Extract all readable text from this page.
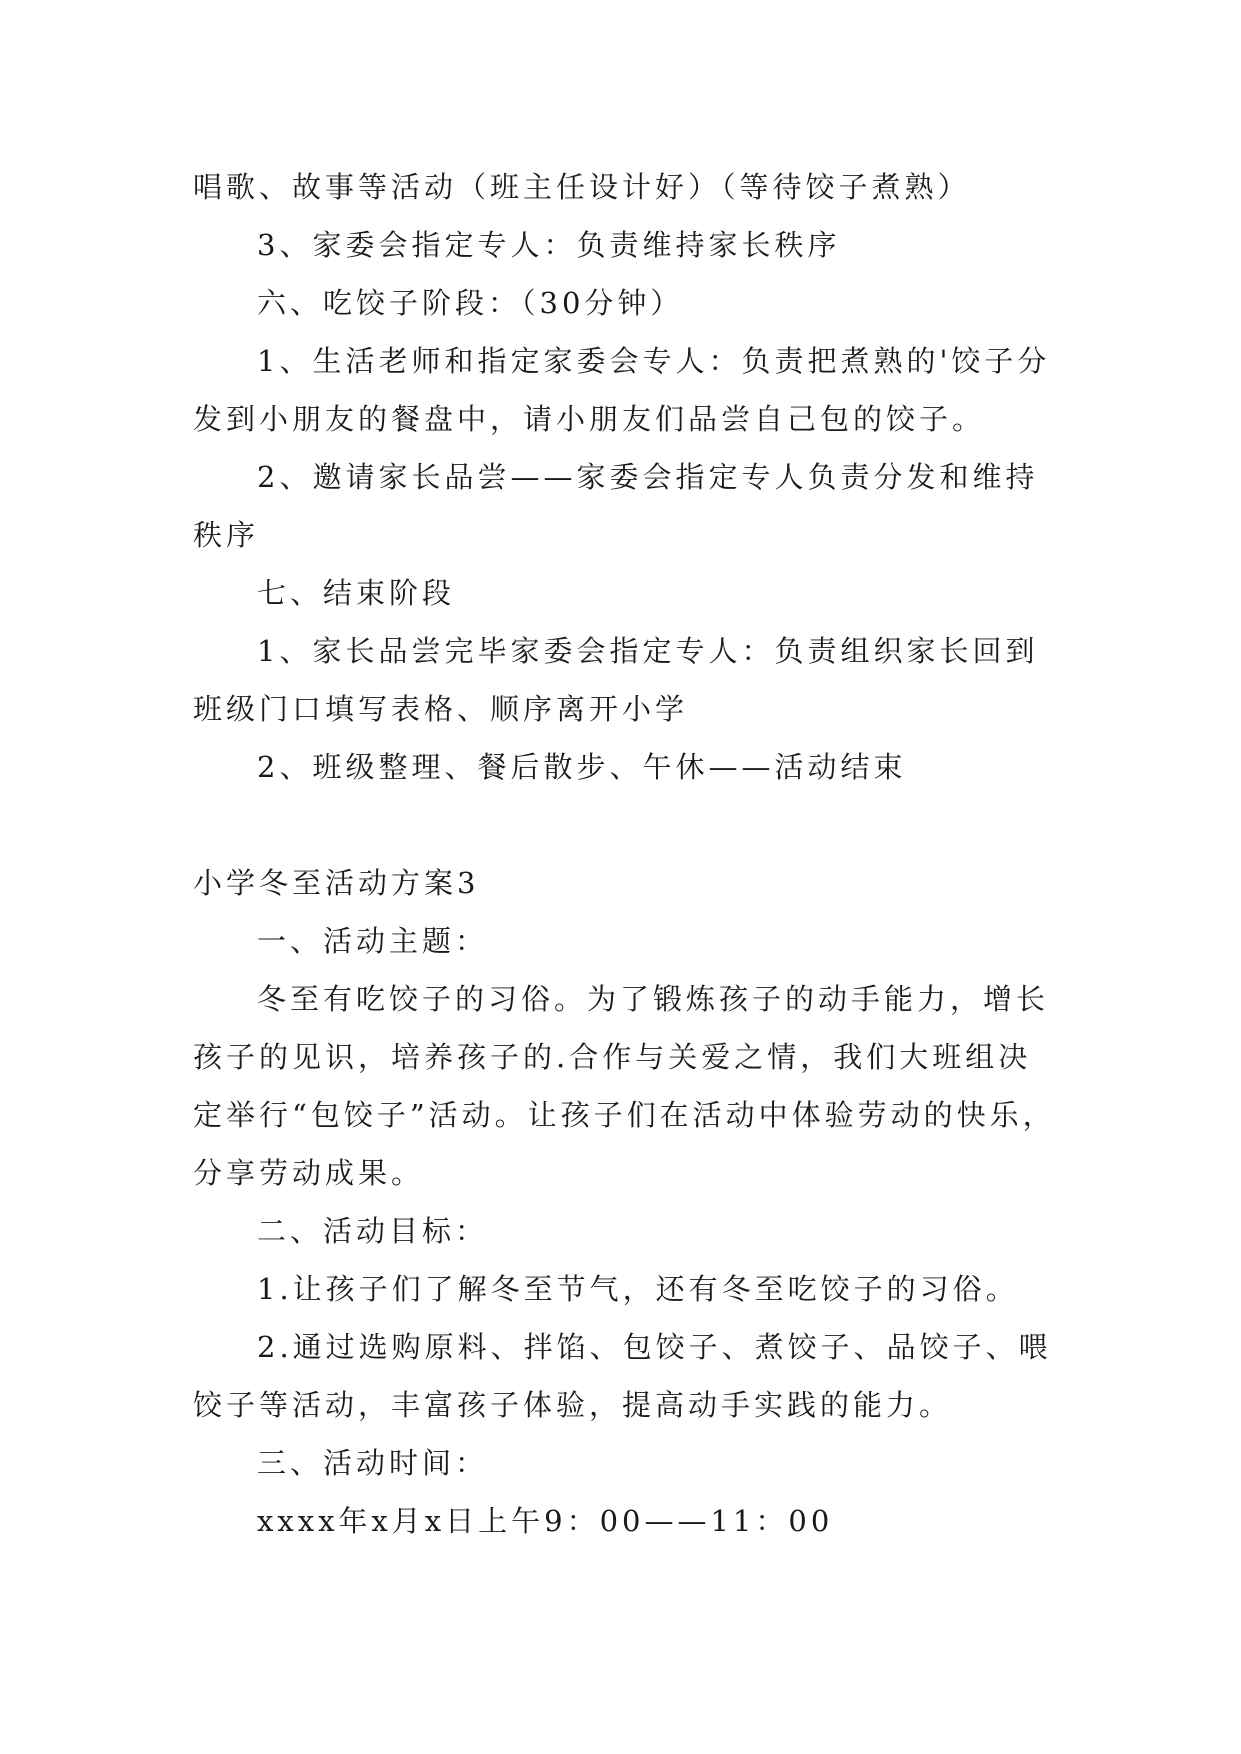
唱歌、故事等活动（班主任设计好）（等待饺子煮熟）

3、家委会指定专人：负责维持家长秩序

六、吃饺子阶段：（30分钟）

1、生活老师和指定家委会专人：负责把煮熟的'饺子分发到小朋友的餐盘中，请小朋友们品尝自己包的饺子。

2、邀请家长品尝——家委会指定专人负责分发和维持秩序

七、结束阶段

1、家长品尝完毕家委会指定专人：负责组织家长回到班级门口填写表格、顺序离开小学

2、班级整理、餐后散步、午休——活动结束

小学冬至活动方案3

一、活动主题：

冬至有吃饺子的习俗。为了锻炼孩子的动手能力，增长孩子的见识，培养孩子的.合作与关爱之情，我们大班组决定举行“包饺子”活动。让孩子们在活动中体验劳动的快乐，分享劳动成果。

二、活动目标：

1.让孩子们了解冬至节气，还有冬至吃饺子的习俗。

2.通过选购原料、拌馅、包饺子、煮饺子、品饺子、喂饺子等活动，丰富孩子体验，提高动手实践的能力。

三、活动时间：

xxxx年x月x日上午9：00——11：00
